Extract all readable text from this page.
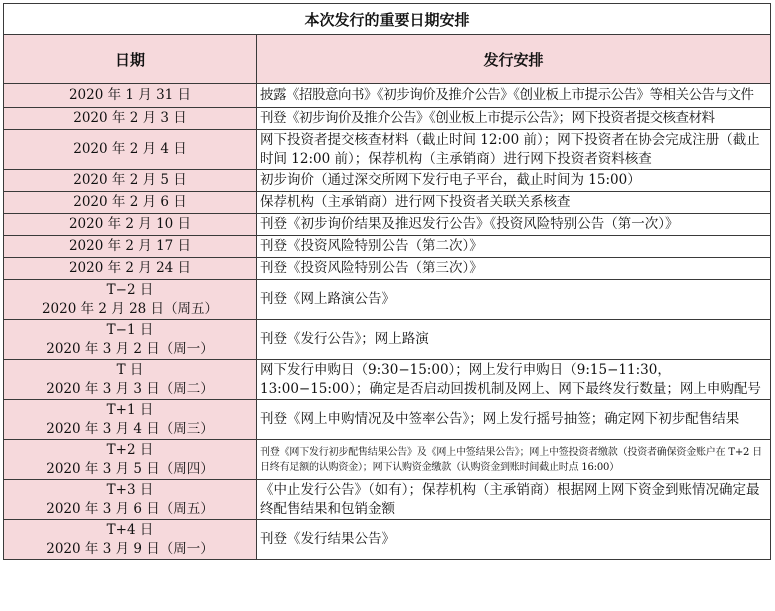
本次发行的重要日期安排	
日期	发行安排

2020 年 1 月 31 日	披露《招股意向书》《初步询价及推介公告》《创业板上市提示公告》等相关公告与文件

2020 年 2 月 3 日	刊登《初步询价及推介公告》《创业板上市提示公告》；网下投资者提交核查材料

2020 年 2 月 4 日	网下投资者提交核查材料（截止时间 12:00 前）；网下投资者在协会完成注册（截止时间 12:00 前）；保荐机构（主承销商）进行网下投资者资料核查

2020 年 2 月 5 日	初步询价（通过深交所网下发行电子平台，截止时间为 15:00）

2020 年 2 月 6 日	保荐机构（主承销商）进行网下投资者关联关系核查

2020 年 2 月 10 日	刊登《初步询价结果及推迟发行公告》《投资风险特别公告（第一次）》

2020 年 2 月 17 日	刊登《投资风险特别公告（第二次）》

2020 年 2 月 24 日	刊登《投资风险特别公告（第三次）》

T−2 日
2020 年 2 月 28 日（周五）	刊登《网上路演公告》

T−1 日
2020 年 3 月 2 日（周一）	刊登《发行公告》；网上路演

T 日
2020 年 3 月 3 日（周二）	网下发行申购日（9:30−15:00）；网上发行申购日（9:15−11:30，13:00−15:00）；确定是否启动回拨机制及网上、网下最终发行数量；网上申购配号

T+1 日
2020 年 3 月 4 日（周三）	刊登《网上申购情况及中签率公告》；网上发行摇号抽签；确定网下初步配售结果

T+2 日
2020 年 3 月 5 日（周四）	刊登《网下发行初步配售结果公告》及《网上中签结果公告》；网上中签投资者缴款（投资者确保资金账户在 T+2 日日终有足额的认购资金）；网下认购资金缴款（认购资金到账时间截止时点 16:00）

T+3 日
2020 年 3 月 6 日（周五）	《中止发行公告》（如有）；保荐机构（主承销商）根据网上网下资金到账情况确定最终配售结果和包销金额

T+4 日
2020 年 3 月 9 日（周一）	刊登《发行结果公告》
